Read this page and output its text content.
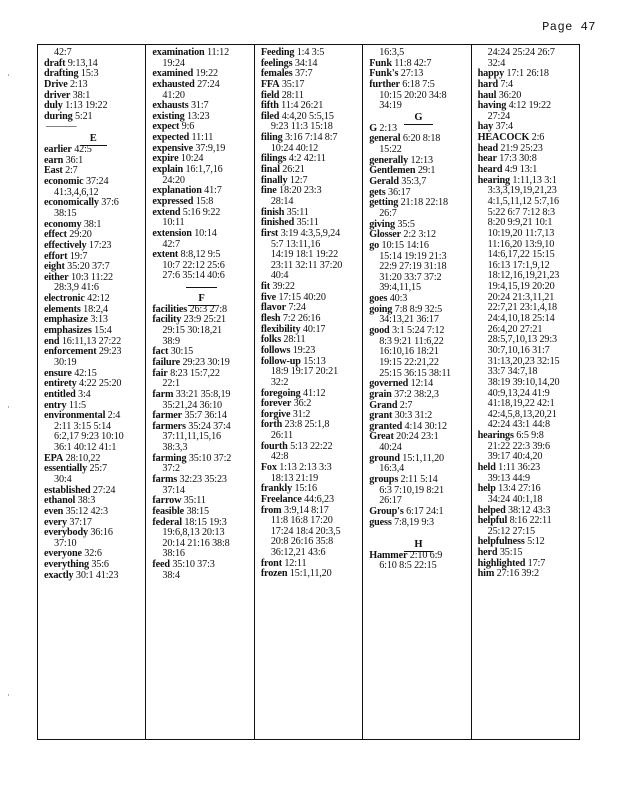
Page 47
·
·
·
42:7
draft 9:13,14
drafting 15:3
Drive 2:13
driver 38:1
duly 1:13 19:22
during 5:21
———
E
earlier 42:5
earn 36:1
East 2:7
economic 37:24
41:3,4,6,12
economically 37:6
38:15
economy 38:1
effect 29:20
effectively 17:23
effort 19:7
eight 35:20 37:7
either 10:3 11:22
28:3,9 41:6
electronic 42:12
elements 18:2,4
emphasize 3:13
emphasizes 15:4
end 16:11,13 27:22
enforcement 29:23
30:19
ensure 42:15
entirety 4:22 25:20
entitled 3:4
entry 11:5
environmental 2:4
2:11 3:15 5:14
6:2,17 9:23 10:10
36:1 40:12 41:1
EPA 28:10,22
essentially 25:7
30:4
established 27:24
ethanol 38:3
even 35:12 42:3
every 37:17
everybody 36:16
37:10
everyone 32:6
everything 35:6
exactly 30:1 41:23
examination 11:12
19:24
examined 19:22
exhausted 27:24
41:20
exhausts 31:7
existing 13:23
expect 9:6
expected 11:11
expensive 37:9,19
expire 10:24
explain 16:1,7,16
24:20
explanation 41:7
expressed 15:8
extend 5:16 9:22
10:11
extension 10:14
42:7
extent 8:8,12 9:5
10:7 22:12 25:6
27:6 35:14 40:6
F
facilities 26:3 27:8
facility 23:9 25:21
29:15 30:18,21
38:9
fact 30:15
failure 29:23 30:19
fair 8:23 15:7,22
22:1
farm 33:21 35:8,19
35:21,24 36:10
farmer 35:7 36:14
farmers 35:24 37:4
37:11,11,15,16
38:3,3
farming 35:10 37:2
37:2
farms 32:23 35:23
37:14
farrow 35:11
feasible 38:15
federal 18:15 19:3
19:6,8,13 20:13
20:14 21:16 38:8
38:16
feed 35:10 37:3
38:4
Feeding 1:4 3:5
feelings 34:14
females 37:7
FFA 35:17
field 28:11
fifth 11:4 26:21
filed 4:4,20 5:5,15
9:23 11:3 15:18
filing 3:16 7:14 8:7
10:24 40:12
filings 4:2 42:11
final 26:21
finally 12:7
fine 18:20 23:3
28:14
finish 35:11
finished 35:11
first 3:19 4:3,5,9,24
5:7 13:11,16
14:19 18:1 19:22
23:11 32:11 37:20
40:4
fit 39:22
five 17:15 40:20
flavor 7:24
flesh 7:2 26:16
flexibility 40:17
folks 28:11
follows 19:23
follow-up 15:13
18:9 19:17 20:21
32:2
foregoing 41:12
forever 36:2
forgive 31:2
forth 23:8 25:1,8
26:11
fourth 5:13 22:22
42:8
Fox 1:13 2:13 3:3
18:13 21:19
frankly 15:16
Freelance 44:6,23
from 3:9,14 8:17
11:8 16:8 17:20
17:24 18:4 20:3,5
20:8 26:16 35:8
36:12,21 43:6
front 12:11
frozen 15:1,11,20
16:3,5
Funk 11:8 42:7
Funk's 27:13
further 6:18 7:5
10:15 20:20 34:8
34:19
G
G 2:13
general 6:20 8:18
15:22
generally 12:13
Gentlemen 29:1
Gerald 35:3,7
gets 36:17
getting 21:18 22:18
26:7
giving 35:5
Glosser 2:2 3:12
go 10:15 14:16
15:14 19:19 21:3
22:9 27:19 31:18
31:20 33:7 37:2
39:4,11,15
goes 40:3
going 7:8 8:9 32:5
34:13,21 36:17
good 3:1 5:24 7:12
8:3 9:21 11:6,22
16:10,16 18:21
19:15 22:21,22
25:15 36:15 38:11
governed 12:14
grain 37:2 38:2,3
Grand 2:7
grant 30:3 31:2
granted 4:14 30:12
Great 20:24 23:1
40:24
ground 15:1,11,20
16:3,4
groups 2:11 5:14
6:3 7:10,19 8:21
26:17
Group's 6:17 24:1
guess 7:8,19 9:3
H
Hammer 2:10 6:9
6:10 8:5 22:15
24:24 25:24 26:7
32:4
happy 17:1 26:18
hard 7:4
haul 36:20
having 4:12 19:22
27:24
hay 37:4
HEACOCK 2:6
head 21:9 25:23
hear 17:3 30:8
heard 4:9 13:1
hearing 1:11,13 3:1
3:3,3,19,19,21,23
4:1,5,11,12 5:7,16
5:22 6:7 7:12 8:3
8:20 9:9,21 10:1
10:19,20 11:7,13
11:16,20 13:9,10
14:6,17,22 15:15
16:13 17:1,9,12
18:12,16,19,21,23
19:4,15,19 20:20
20:24 21:3,11,21
22:7,21 23:1,4,18
24:4,10,18 25:14
26:4,20 27:21
28:5,7,10,13 29:3
30:7,10,16 31:7
31:13,20,23 32:15
33:7 34:7,18
38:19 39:10,14,20
40:9,13,24 41:9
41:18,19,22 42:1
42:4,5,8,13,20,21
42:24 43:1 44:8
hearings 6:5 9:8
21:22 22:3 39:6
39:17 40:4,20
held 1:11 36:23
39:13 44:9
help 13:4 27:16
34:24 40:1,18
helped 38:12 43:3
helpful 8:16 22:11
25:12 27:15
helpfulness 5:12
herd 35:15
highlighted 17:7
him 27:16 39:2
